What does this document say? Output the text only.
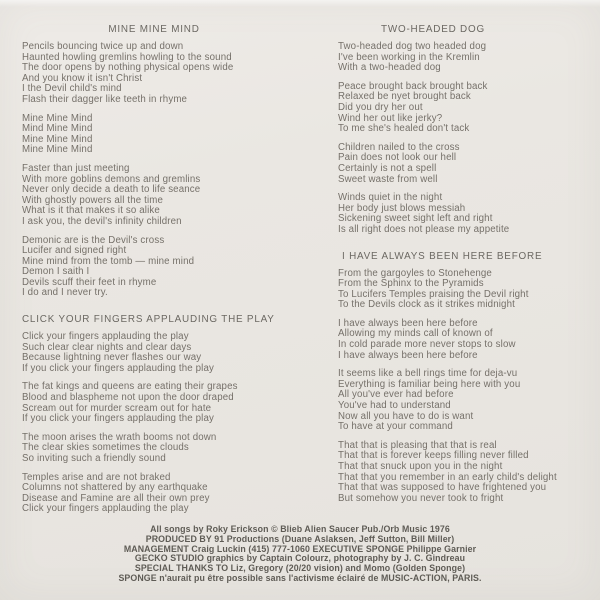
MINE MINE MIND
Pencils bouncing twice up and down
Haunted howling gremlins howling to the sound
The door opens by nothing physical opens wide
And you know it isn't Christ
I the Devil child's mind
Flash their dagger like teeth in rhyme
Mine Mine Mind
Mind Mine Mind
Mine Mine Mind
Mine Mine Mind
Faster than just meeting
With more goblins demons and gremlins
Never only decide a death to life seance
With ghostly powers all the time
What is it that makes it so alike
I ask you, the devil's infinity children
Demonic are is the Devil's cross
Lucifer and signed right
Mine mind from the tomb — mine mind
Demon I saith I
Devils scuff their feet in rhyme
I do and I never try.
CLICK YOUR FINGERS APPLAUDING THE PLAY
Click your fingers applauding the play
Such clear clear nights and clear days
Because lightning never flashes our way
If you click your fingers applauding the play
The fat kings and queens are eating their grapes
Blood and blaspheme not upon the door draped
Scream out for murder scream out for hate
If you click your fingers applauding the play
The moon arises the wrath booms not down
The clear skies sometimes the clouds
So inviting such a friendly sound
Temples arise and are not braked
Columns not shattered by any earthquake
Disease and Famine are all their own prey
Click your fingers applauding the play
TWO-HEADED DOG
Two-headed dog two headed dog
I've been working in the Kremlin
With a two-headed dog
Peace brought back brought back
Relaxed be nyet brought back
Did you dry her out
Wind her out like jerky?
To me she's healed don't tack
Children nailed to the cross
Pain does not look our hell
Certainly is not a spell
Sweet waste from well
Winds quiet in the night
Her body just blows messiah
Sickening sweet sight left and right
Is all right does not please my appetite
I HAVE ALWAYS BEEN HERE BEFORE
From the gargoyles to Stonehenge
From the Sphinx to the Pyramids
To Lucifers Temples praising the Devil right
To the Devils clock as it strikes midnight
I have always been here before
Allowing my minds call of known of
In cold parade more never stops to slow
I have always been here before
It seems like a bell rings time for deja-vu
Everything is familiar being here with you
All you've ever had before
You've had to understand
Now all you have to do is want
To have at your command
That that is pleasing that that is real
That that is forever keeps filling never filled
That that snuck upon you in the night
That that you remember in an early child's delight
That that was supposed to have frightened you
But somehow you never took to fright
All songs by Roky Erickson © Blieb Alien Saucer Pub./Orb Music 1976
PRODUCED BY 91 Productions (Duane Aslaksen, Jeff Sutton, Bill Miller)
MANAGEMENT Craig Luckin (415) 777-1060 EXECUTIVE SPONGE Philippe Garnier
GECKO STUDIO graphics by Captain Colourz, photography by J. C. Gindreau
SPECIAL THANKS TO Liz, Gregory (20/20 vision) and Momo (Golden Sponge)
SPONGE n'aurait pu être possible sans l'activisme éclairé de MUSIC-ACTION, PARIS.
